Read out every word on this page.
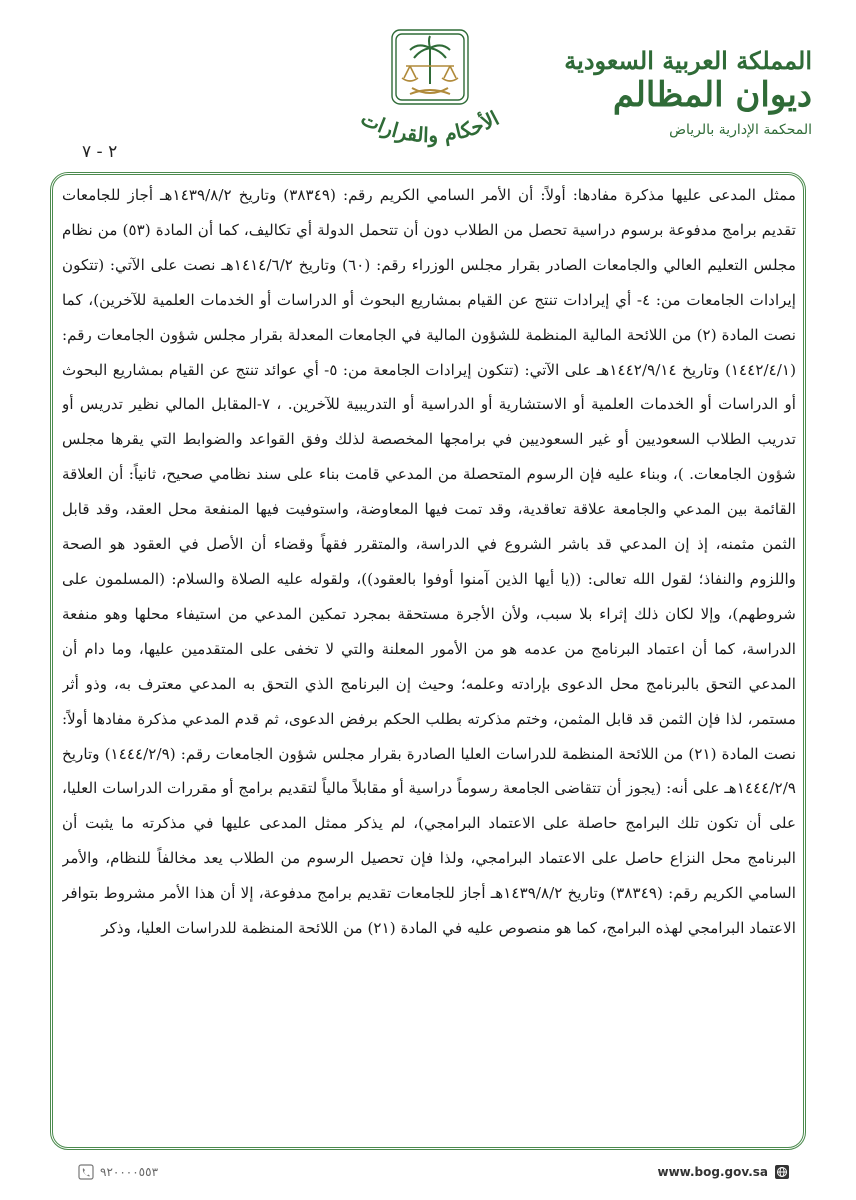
الأحكام والقرارات
المملكة العربية السعودية
ديوان المظالم
المحكمة الإدارية بالرياض
٢ - ٧

ممثل المدعى عليها مذكرة مفادها: أولاً: أن الأمر السامي الكريم رقم: (٣٨٣٤٩) وتاريخ ١٤٣٩/٨/٢هـ أجاز للجامعات تقديم برامج مدفوعة برسوم دراسية تحصل من الطلاب دون أن تتحمل الدولة أي تكاليف، كما أن المادة (٥٣) من نظام مجلس التعليم العالي والجامعات الصادر بقرار مجلس الوزراء رقم: (٦٠) وتاريخ ١٤١٤/٦/٢هـ نصت على الآتي: (تتكون إيرادات الجامعات من: ٤- أي إيرادات تنتج عن القيام بمشاريع البحوث أو الدراسات أو الخدمات العلمية للآخرين)، كما نصت المادة (٢) من اللائحة المالية المنظمة للشؤون المالية في الجامعات المعدلة بقرار مجلس شؤون الجامعات رقم: (١٤٤٢/٤/١) وتاريخ ١٤٤٢/٩/١٤هـ على الآتي: (تتكون إيرادات الجامعة من: ٥- أي عوائد تنتج عن القيام بمشاريع البحوث أو الدراسات أو الخدمات العلمية أو الاستشارية أو الدراسية أو التدريبية للآخرين. ، ٧-المقابل المالي نظير تدريس أو تدريب الطلاب السعوديين أو غير السعوديين في برامجها المخصصة لذلك وفق القواعد والضوابط التي يقرها مجلس شؤون الجامعات. )، وبناء عليه فإن الرسوم المتحصلة من المدعي قامت بناء على سند نظامي صحيح، ثانياً: أن العلاقة القائمة بين المدعي والجامعة علاقة تعاقدية، وقد تمت فيها المعاوضة، واستوفيت فيها المنفعة محل العقد، وقد قابل الثمن مثمنه، إذ إن المدعي قد باشر الشروع في الدراسة، والمتقرر فقهاً وقضاء أن الأصل في العقود هو الصحة واللزوم والنفاذ؛ لقول الله تعالى: ((يا أيها الذين آمنوا أوفوا بالعقود))، ولقوله عليه الصلاة والسلام: (المسلمون على شروطهم)، وإلا لكان ذلك إثراء بلا سبب، ولأن الأجرة مستحقة بمجرد تمكين المدعي من استيفاء محلها وهو منفعة الدراسة، كما أن اعتماد البرنامج من عدمه هو من الأمور المعلنة والتي لا تخفى على المتقدمين عليها، وما دام أن المدعي التحق بالبرنامج محل الدعوى بإرادته وعلمه؛ وحيث إن البرنامج الذي التحق به المدعي معترف به، وذو أثر مستمر، لذا فإن الثمن قد قابل المثمن، وختم مذكرته بطلب الحكم برفض الدعوى، ثم قدم المدعي مذكرة مفادها أولاً: نصت المادة (٢١) من اللائحة المنظمة للدراسات العليا الصادرة بقرار مجلس شؤون الجامعات رقم: (١٤٤٤/٢/٩) وتاريخ ١٤٤٤/٢/٩هـ على أنه: (يجوز أن تتقاضى الجامعة رسوماً دراسية أو مقابلاً مالياً لتقديم برامج أو مقررات الدراسات العليا، على أن تكون تلك البرامج حاصلة على الاعتماد البرامجي)، لم يذكر ممثل المدعى عليها في مذكرته ما يثبت أن البرنامج محل النزاع حاصل على الاعتماد البرامجي، ولذا فإن تحصيل الرسوم من الطلاب يعد مخالفاً للنظام، والأمر السامي الكريم رقم: (٣٨٣٤٩) وتاريخ ١٤٣٩/٨/٢هـ أجاز للجامعات تقديم برامج مدفوعة، إلا أن هذا الأمر مشروط بتوافر الاعتماد البرامجي لهذه البرامج، كما هو منصوص عليه في المادة (٢١) من اللائحة المنظمة للدراسات العليا، وذكر

٩٢٠٠٠٠٥٥٣	www.bog.gov.sa
